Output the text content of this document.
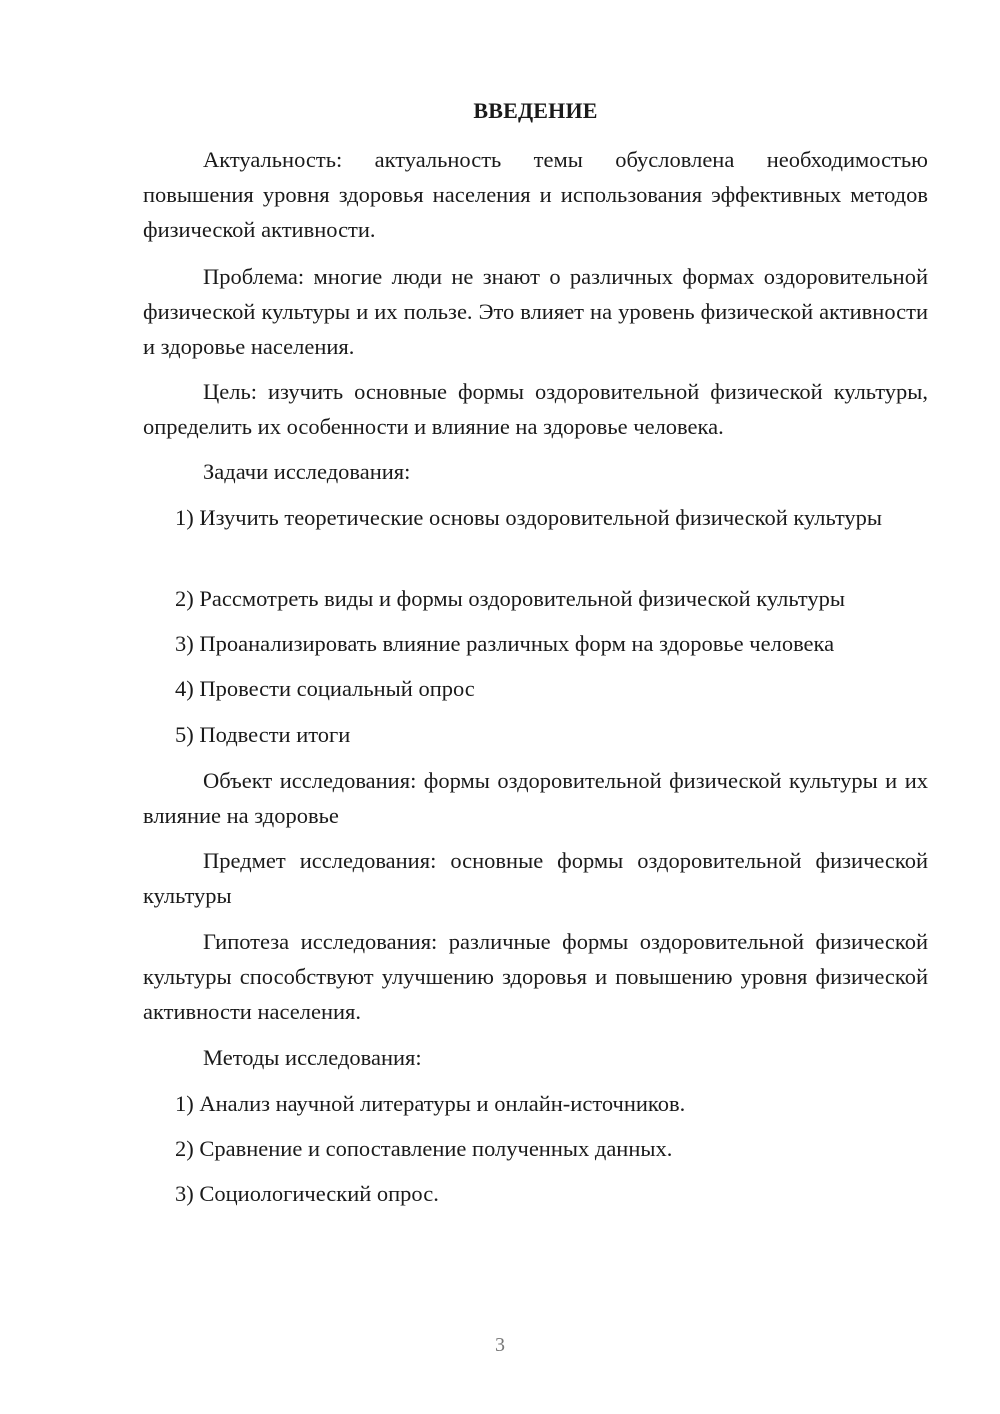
ВВЕДЕНИЕ

Актуальность: актуальность темы обусловлена необходимостью повышения уровня здоровья населения и использования эффективных методов физической активности.

Проблема: многие люди не знают о различных формах оздоровительной физической культуры и их пользе. Это влияет на уровень физической активности и здоровье населения.

Цель: изучить основные формы оздоровительной физической культуры, определить их особенности и влияние на здоровье человека.

Задачи исследования:

1) Изучить теоретические основы оздоровительной физической культуры

2) Рассмотреть виды и формы оздоровительной физической культуры

3) Проанализировать влияние различных форм на здоровье человека

4) Провести социальный опрос

5) Подвести итоги

Объект исследования: формы оздоровительной физической культуры и их влияние на здоровье

Предмет исследования: основные формы оздоровительной физической культуры

Гипотеза исследования: различные формы оздоровительной физической культуры способствуют улучшению здоровья и повышению уровня физической активности населения.

Методы исследования:

1) Анализ научной литературы и онлайн-источников.

2) Сравнение и сопоставление полученных данных.

3) Социологический опрос.

3
